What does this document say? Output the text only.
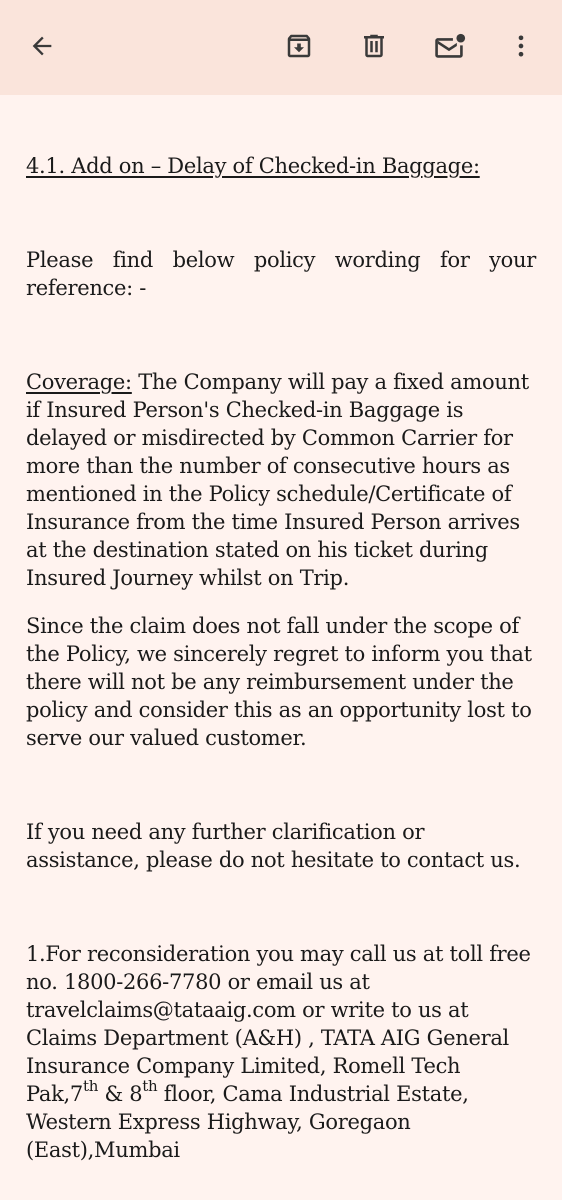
4.1. Add on – Delay of Checked-in Baggage:

Please find below policy wording for your reference: -

Coverage: The Company will pay a fixed amount if Insured Person's Checked-in Baggage is delayed or misdirected by Common Carrier for more than the number of consecutive hours as mentioned in the Policy schedule/Certificate of Insurance from the time Insured Person arrives at the destination stated on his ticket during Insured Journey whilst on Trip.

Since the claim does not fall under the scope of the Policy, we sincerely regret to inform you that there will not be any reimbursement under the policy and consider this as an opportunity lost to serve our valued customer.

If you need any further clarification or assistance, please do not hesitate to contact us.

1.For reconsideration you may call us at toll free no. 1800-266-7780 or email us at travelclaims@tataaig.com or write to us at Claims Department (A&H) , TATA AIG General Insurance Company Limited, Romell Tech Pak,7th & 8th floor, Cama Industrial Estate, Western Express Highway, Goregaon (East),Mumbai
